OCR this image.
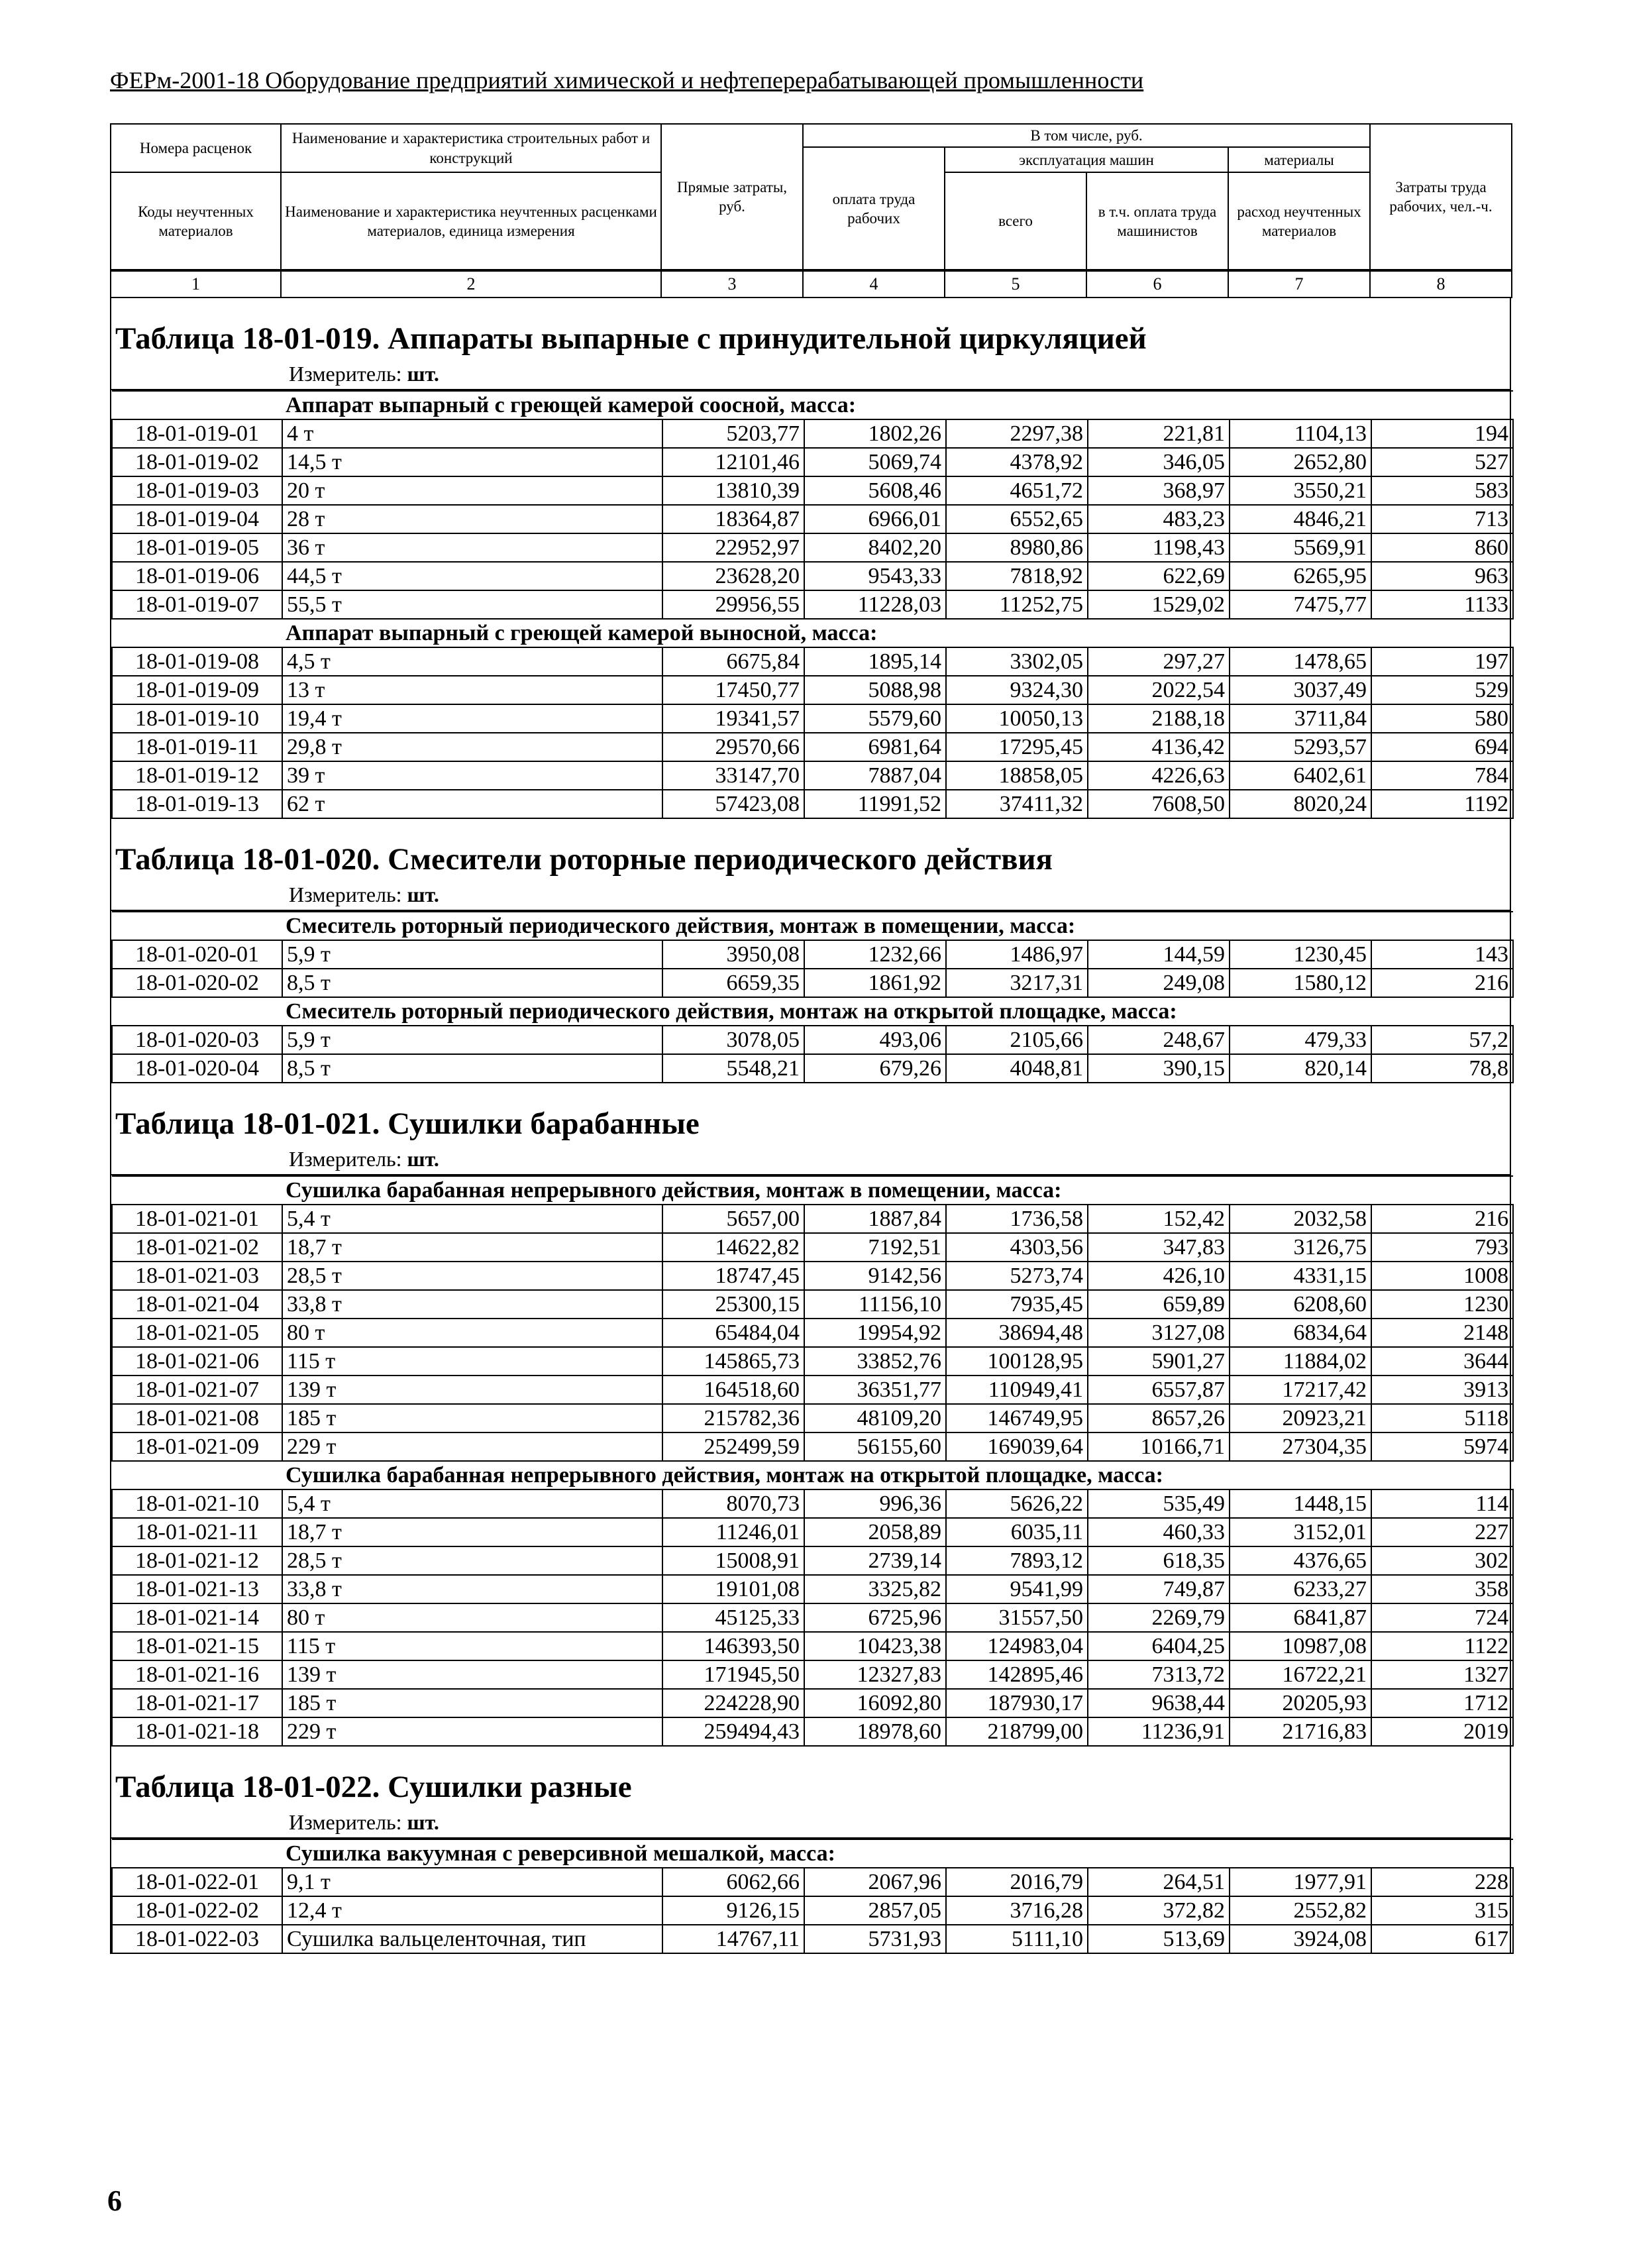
ФЕРм-2001-18 Оборудование предприятий химической и нефтеперерабатывающей промышленности
Номера расценок	Наименование и характеристика строительных работ и конструкций	Прямые затраты, руб.	В том числе, руб.				Затраты труда рабочих, чел.-ч.
			оплата труда рабочих	эксплуатация машин		материалы	
Коды неучтенных материалов	Наименование и характеристика неучтенных расценками материалов, единица измерения			всего	в т.ч. оплата труда машинистов	расход неучтенных материалов	

1	2	3	4	5	6	7	8
Таблица 18-01-019. Аппараты выпарные с принудительной циркуляцией
Измеритель: шт.
Аппарат выпарный с греющей камерой соосной, масса:							
18-01-019-01	4 т	5203,77	1802,26	2297,38	221,81	1104,13	194
18-01-019-02	14,5 т	12101,46	5069,74	4378,92	346,05	2652,80	527
18-01-019-03	20 т	13810,39	5608,46	4651,72	368,97	3550,21	583
18-01-019-04	28 т	18364,87	6966,01	6552,65	483,23	4846,21	713
18-01-019-05	36 т	22952,97	8402,20	8980,86	1198,43	5569,91	860
18-01-019-06	44,5 т	23628,20	9543,33	7818,92	622,69	6265,95	963
18-01-019-07	55,5 т	29956,55	11228,03	11252,75	1529,02	7475,77	1133
Аппарат выпарный с греющей камерой выносной, масса:							
18-01-019-08	4,5 т	6675,84	1895,14	3302,05	297,27	1478,65	197
18-01-019-09	13 т	17450,77	5088,98	9324,30	2022,54	3037,49	529
18-01-019-10	19,4 т	19341,57	5579,60	10050,13	2188,18	3711,84	580
18-01-019-11	29,8 т	29570,66	6981,64	17295,45	4136,42	5293,57	694
18-01-019-12	39 т	33147,70	7887,04	18858,05	4226,63	6402,61	784
18-01-019-13	62 т	57423,08	11991,52	37411,32	7608,50	8020,24	1192
Таблица 18-01-020. Смесители роторные периодического действия
Измеритель: шт.
Смеситель роторный периодического действия, монтаж в помещении, масса:							
18-01-020-01	5,9 т	3950,08	1232,66	1486,97	144,59	1230,45	143
18-01-020-02	8,5 т	6659,35	1861,92	3217,31	249,08	1580,12	216
Смеситель роторный периодического действия, монтаж на открытой площадке, масса:							
18-01-020-03	5,9 т	3078,05	493,06	2105,66	248,67	479,33	57,2
18-01-020-04	8,5 т	5548,21	679,26	4048,81	390,15	820,14	78,8
Таблица 18-01-021. Сушилки барабанные
Измеритель: шт.
Сушилка барабанная непрерывного действия, монтаж в помещении, масса:							
18-01-021-01	5,4 т	5657,00	1887,84	1736,58	152,42	2032,58	216
18-01-021-02	18,7 т	14622,82	7192,51	4303,56	347,83	3126,75	793
18-01-021-03	28,5 т	18747,45	9142,56	5273,74	426,10	4331,15	1008
18-01-021-04	33,8 т	25300,15	11156,10	7935,45	659,89	6208,60	1230
18-01-021-05	80 т	65484,04	19954,92	38694,48	3127,08	6834,64	2148
18-01-021-06	115 т	145865,73	33852,76	100128,95	5901,27	11884,02	3644
18-01-021-07	139 т	164518,60	36351,77	110949,41	6557,87	17217,42	3913
18-01-021-08	185 т	215782,36	48109,20	146749,95	8657,26	20923,21	5118
18-01-021-09	229 т	252499,59	56155,60	169039,64	10166,71	27304,35	5974
Сушилка барабанная непрерывного действия, монтаж на открытой площадке, масса:							
18-01-021-10	5,4 т	8070,73	996,36	5626,22	535,49	1448,15	114
18-01-021-11	18,7 т	11246,01	2058,89	6035,11	460,33	3152,01	227
18-01-021-12	28,5 т	15008,91	2739,14	7893,12	618,35	4376,65	302
18-01-021-13	33,8 т	19101,08	3325,82	9541,99	749,87	6233,27	358
18-01-021-14	80 т	45125,33	6725,96	31557,50	2269,79	6841,87	724
18-01-021-15	115 т	146393,50	10423,38	124983,04	6404,25	10987,08	1122
18-01-021-16	139 т	171945,50	12327,83	142895,46	7313,72	16722,21	1327
18-01-021-17	185 т	224228,90	16092,80	187930,17	9638,44	20205,93	1712
18-01-021-18	229 т	259494,43	18978,60	218799,00	11236,91	21716,83	2019
Таблица 18-01-022. Сушилки разные
Измеритель: шт.
Сушилка вакуумная с реверсивной мешалкой, масса:							
18-01-022-01	9,1 т	6062,66	2067,96	2016,79	264,51	1977,91	228
18-01-022-02	12,4 т	9126,15	2857,05	3716,28	372,82	2552,82	315
18-01-022-03	Сушилка вальцеленточная, тип	14767,11	5731,93	5111,10	513,69	3924,08	617
6
